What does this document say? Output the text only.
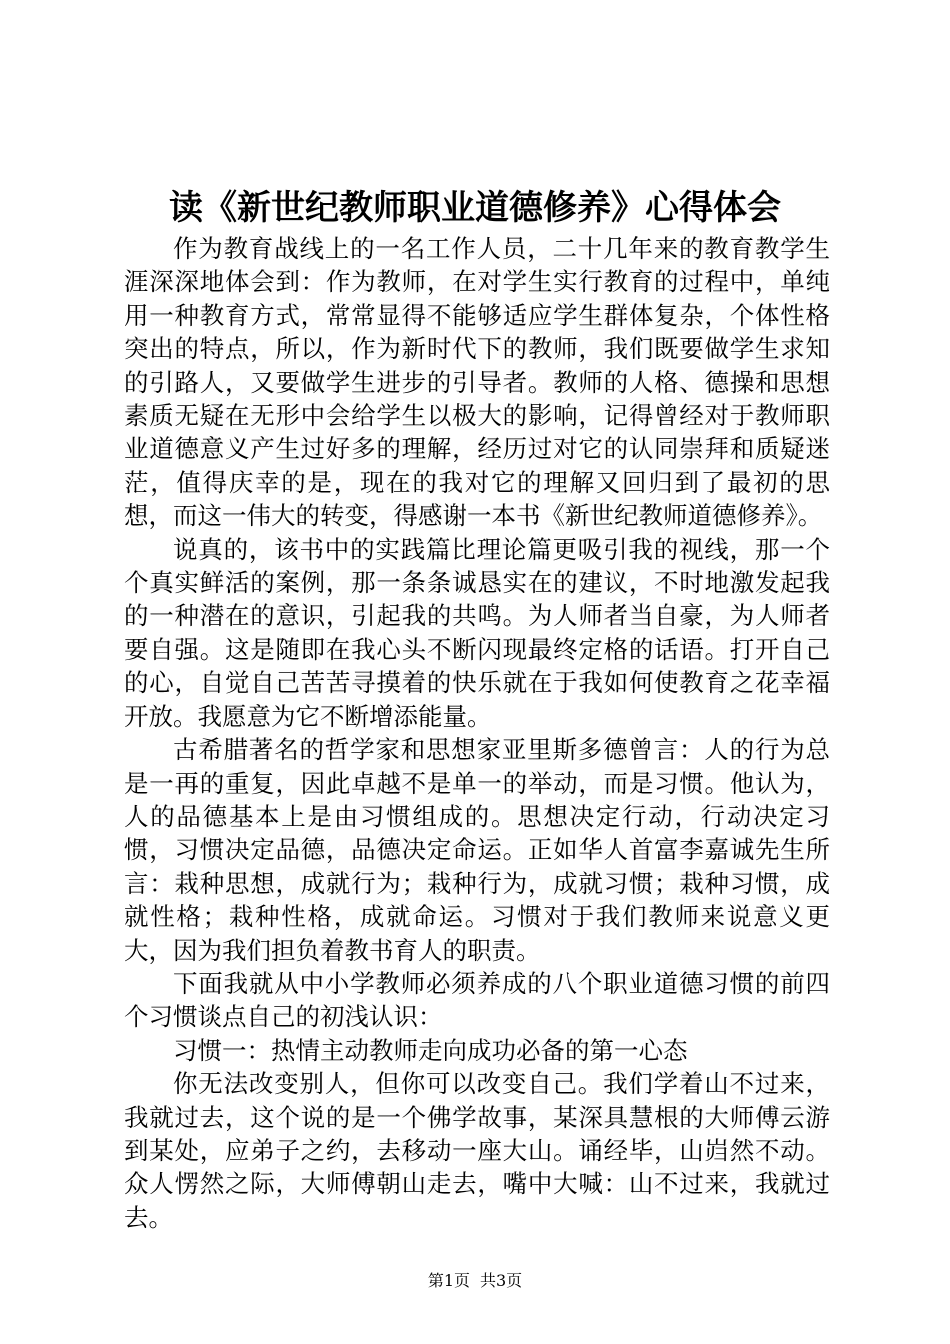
读《新世纪教师职业道德修养》心得体会

作为教育战线上的一名工作人员，二十几年来的教育教学生涯深深地体会到：作为教师，在对学生实行教育的过程中，单纯用一种教育方式，常常显得不能够适应学生群体复杂，个体性格突出的特点，所以，作为新时代下的教师，我们既要做学生求知的引路人，又要做学生进步的引导者。教师的人格、德操和思想素质无疑在无形中会给学生以极大的影响，记得曾经对于教师职业道德意义产生过好多的理解，经历过对它的认同崇拜和质疑迷茫，值得庆幸的是，现在的我对它的理解又回归到了最初的思想，而这一伟大的转变，得感谢一本书《新世纪教师道德修养》。

说真的，该书中的实践篇比理论篇更吸引我的视线，那一个个真实鲜活的案例，那一条条诚恳实在的建议，不时地激发起我的一种潜在的意识，引起我的共鸣。为人师者当自豪，为人师者要自强。这是随即在我心头不断闪现最终定格的话语。打开自己的心，自觉自己苦苦寻摸着的快乐就在于我如何使教育之花幸福开放。我愿意为它不断增添能量。

古希腊著名的哲学家和思想家亚里斯多德曾言：人的行为总是一再的重复，因此卓越不是单一的举动，而是习惯。他认为，人的品德基本上是由习惯组成的。思想决定行动，行动决定习惯，习惯决定品德，品德决定命运。正如华人首富李嘉诚先生所言：栽种思想，成就行为；栽种行为，成就习惯；栽种习惯，成就性格；栽种性格，成就命运。习惯对于我们教师来说意义更大，因为我们担负着教书育人的职责。

下面我就从中小学教师必须养成的八个职业道德习惯的前四个习惯谈点自己的初浅认识：

习惯一：热情主动教师走向成功必备的第一心态

你无法改变别人，但你可以改变自己。我们学着山不过来，我就过去，这个说的是一个佛学故事，某深具慧根的大师傅云游到某处，应弟子之约，去移动一座大山。诵经毕，山岿然不动。众人愣然之际，大师傅朝山走去，嘴中大喊：山不过来，我就过去。

第1页 共3页
